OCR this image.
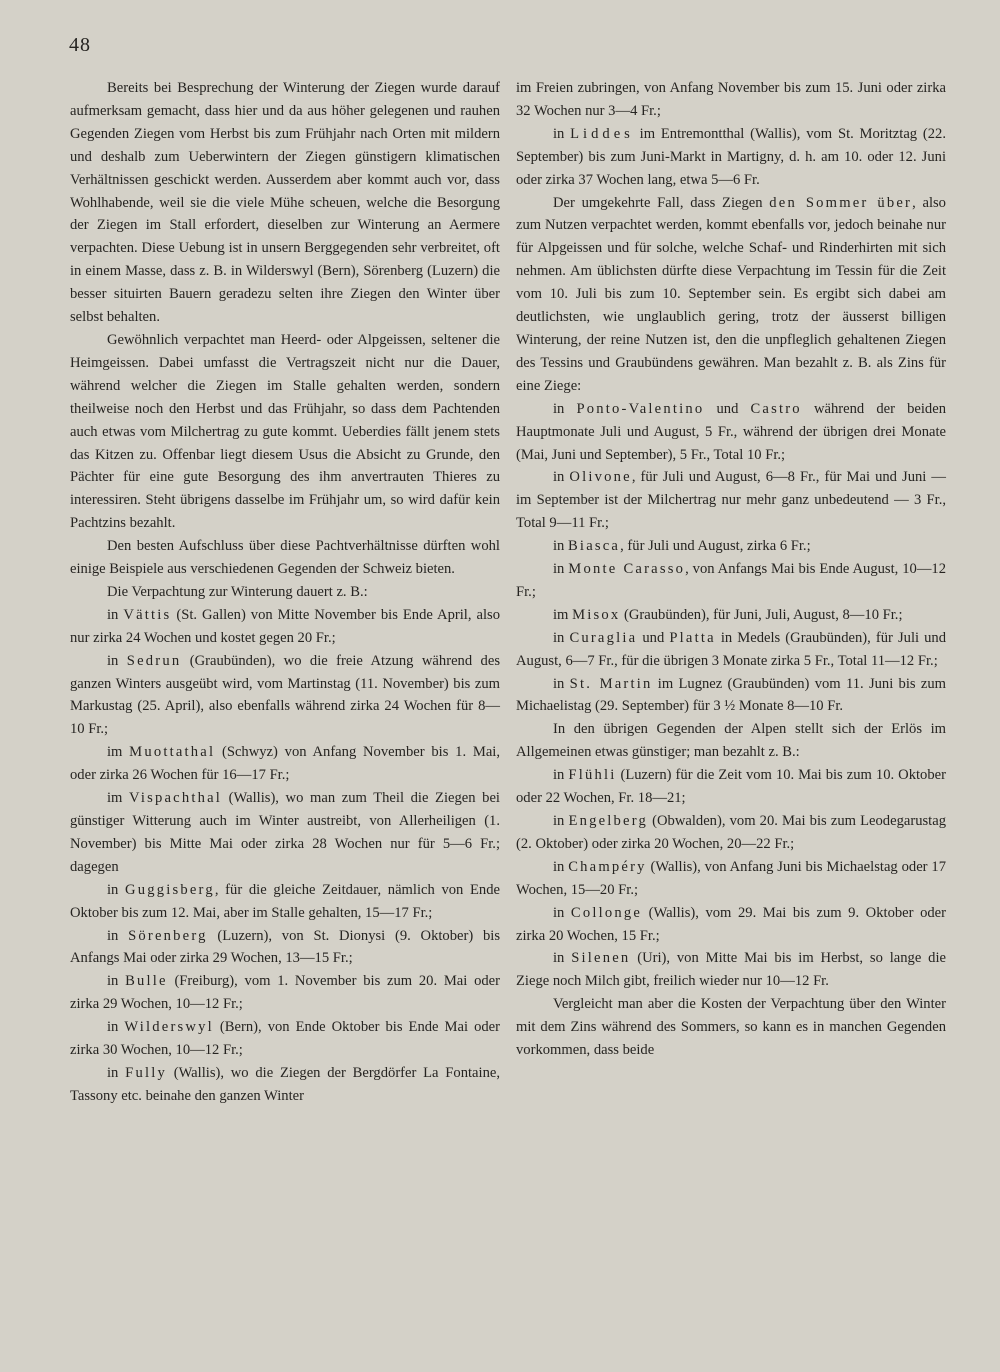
48

Bereits bei Besprechung der Winterung der Ziegen wurde darauf aufmerksam gemacht, dass hier und da aus höher gelegenen und rauhen Gegenden Ziegen vom Herbst bis zum Frühjahr nach Orten mit mildern und deshalb zum Ueberwintern der Ziegen günstigern klimatischen Verhältnissen geschickt werden. Ausserdem aber kommt auch vor, dass Wohlhabende, weil sie die viele Mühe scheuen, welche die Besorgung der Ziegen im Stall erfordert, dieselben zur Winterung an Aermere verpachten. Diese Uebung ist in unsern Berggegenden sehr verbreitet, oft in einem Masse, dass z. B. in Wilderswyl (Bern), Sörenberg (Luzern) die besser situirten Bauern geradezu selten ihre Ziegen den Winter über selbst behalten.

Gewöhnlich verpachtet man Heerd- oder Alpgeissen, seltener die Heimgeissen. Dabei umfasst die Vertragszeit nicht nur die Dauer, während welcher die Ziegen im Stalle gehalten werden, sondern theilweise noch den Herbst und das Frühjahr, so dass dem Pachtenden auch etwas vom Milchertrag zu gute kommt. Ueberdies fällt jenem stets das Kitzen zu. Offenbar liegt diesem Usus die Absicht zu Grunde, den Pächter für eine gute Besorgung des ihm anvertrauten Thieres zu interessiren. Steht übrigens dasselbe im Frühjahr um, so wird dafür kein Pachtzins bezahlt.

Den besten Aufschluss über diese Pachtverhältnisse dürften wohl einige Beispiele aus verschiedenen Gegenden der Schweiz bieten.

Die Verpachtung zur Winterung dauert z. B.:

in Vättis (St. Gallen) von Mitte November bis Ende April, also nur zirka 24 Wochen und kostet gegen 20 Fr.;

in Sedrun (Graubünden), wo die freie Atzung während des ganzen Winters ausgeübt wird, vom Martinstag (11. November) bis zum Markustag (25. April), also ebenfalls während zirka 24 Wochen für 8—10 Fr.;

im Muottathal (Schwyz) von Anfang November bis 1. Mai, oder zirka 26 Wochen für 16—17 Fr.;

im Vispachthal (Wallis), wo man zum Theil die Ziegen bei günstiger Witterung auch im Winter austreibt, von Allerheiligen (1. November) bis Mitte Mai oder zirka 28 Wochen nur für 5—6 Fr.; dagegen

in Guggisberg, für die gleiche Zeitdauer, nämlich von Ende Oktober bis zum 12. Mai, aber im Stalle gehalten, 15—17 Fr.;

in Sörenberg (Luzern), von St. Dionysi (9. Oktober) bis Anfangs Mai oder zirka 29 Wochen, 13—15 Fr.;

in Bulle (Freiburg), vom 1. November bis zum 20. Mai oder zirka 29 Wochen, 10—12 Fr.;

in Wilderswyl (Bern), von Ende Oktober bis Ende Mai oder zirka 30 Wochen, 10—12 Fr.;

in Fully (Wallis), wo die Ziegen der Bergdörfer La Fontaine, Tassony etc. beinahe den ganzen Winter

im Freien zubringen, von Anfang November bis zum 15. Juni oder zirka 32 Wochen nur 3—4 Fr.;

in Liddes im Entremontthal (Wallis), vom St. Moritztag (22. September) bis zum Juni-Markt in Martigny, d. h. am 10. oder 12. Juni oder zirka 37 Wochen lang, etwa 5—6 Fr.

Der umgekehrte Fall, dass Ziegen den Sommer über, also zum Nutzen verpachtet werden, kommt ebenfalls vor, jedoch beinahe nur für Alpgeissen und für solche, welche Schaf- und Rinderhirten mit sich nehmen. Am üblichsten dürfte diese Verpachtung im Tessin für die Zeit vom 10. Juli bis zum 10. September sein. Es ergibt sich dabei am deutlichsten, wie unglaublich gering, trotz der äusserst billigen Winterung, der reine Nutzen ist, den die unpfleglich gehaltenen Ziegen des Tessins und Graubündens gewähren. Man bezahlt z. B. als Zins für eine Ziege:

in Ponto-Valentino und Castro während der beiden Hauptmonate Juli und August, 5 Fr., während der übrigen drei Monate (Mai, Juni und September), 5 Fr., Total 10 Fr.;

in Olivone, für Juli und August, 6—8 Fr., für Mai und Juni — im September ist der Milchertrag nur mehr ganz unbedeutend — 3 Fr., Total 9—11 Fr.;

in Biasca, für Juli und August, zirka 6 Fr.;

in Monte Carasso, von Anfangs Mai bis Ende August, 10—12 Fr.;

im Misox (Graubünden), für Juni, Juli, August, 8—10 Fr.;

in Curaglia und Platta in Medels (Graubünden), für Juli und August, 6—7 Fr., für die übrigen 3 Monate zirka 5 Fr., Total 11—12 Fr.;

in St. Martin im Lugnez (Graubünden) vom 11. Juni bis zum Michaelistag (29. September) für 3 ½ Monate 8—10 Fr.

In den übrigen Gegenden der Alpen stellt sich der Erlös im Allgemeinen etwas günstiger; man bezahlt z. B.:

in Flühli (Luzern) für die Zeit vom 10. Mai bis zum 10. Oktober oder 22 Wochen, Fr. 18—21;

in Engelberg (Obwalden), vom 20. Mai bis zum Leodegarustag (2. Oktober) oder zirka 20 Wochen, 20—22 Fr.;

in Champéry (Wallis), von Anfang Juni bis Michaelstag oder 17 Wochen, 15—20 Fr.;

in Collonge (Wallis), vom 29. Mai bis zum 9. Oktober oder zirka 20 Wochen, 15 Fr.;

in Silenen (Uri), von Mitte Mai bis im Herbst, so lange die Ziege noch Milch gibt, freilich wieder nur 10—12 Fr.

Vergleicht man aber die Kosten der Verpachtung über den Winter mit dem Zins während des Sommers, so kann es in manchen Gegenden vorkommen, dass beide
